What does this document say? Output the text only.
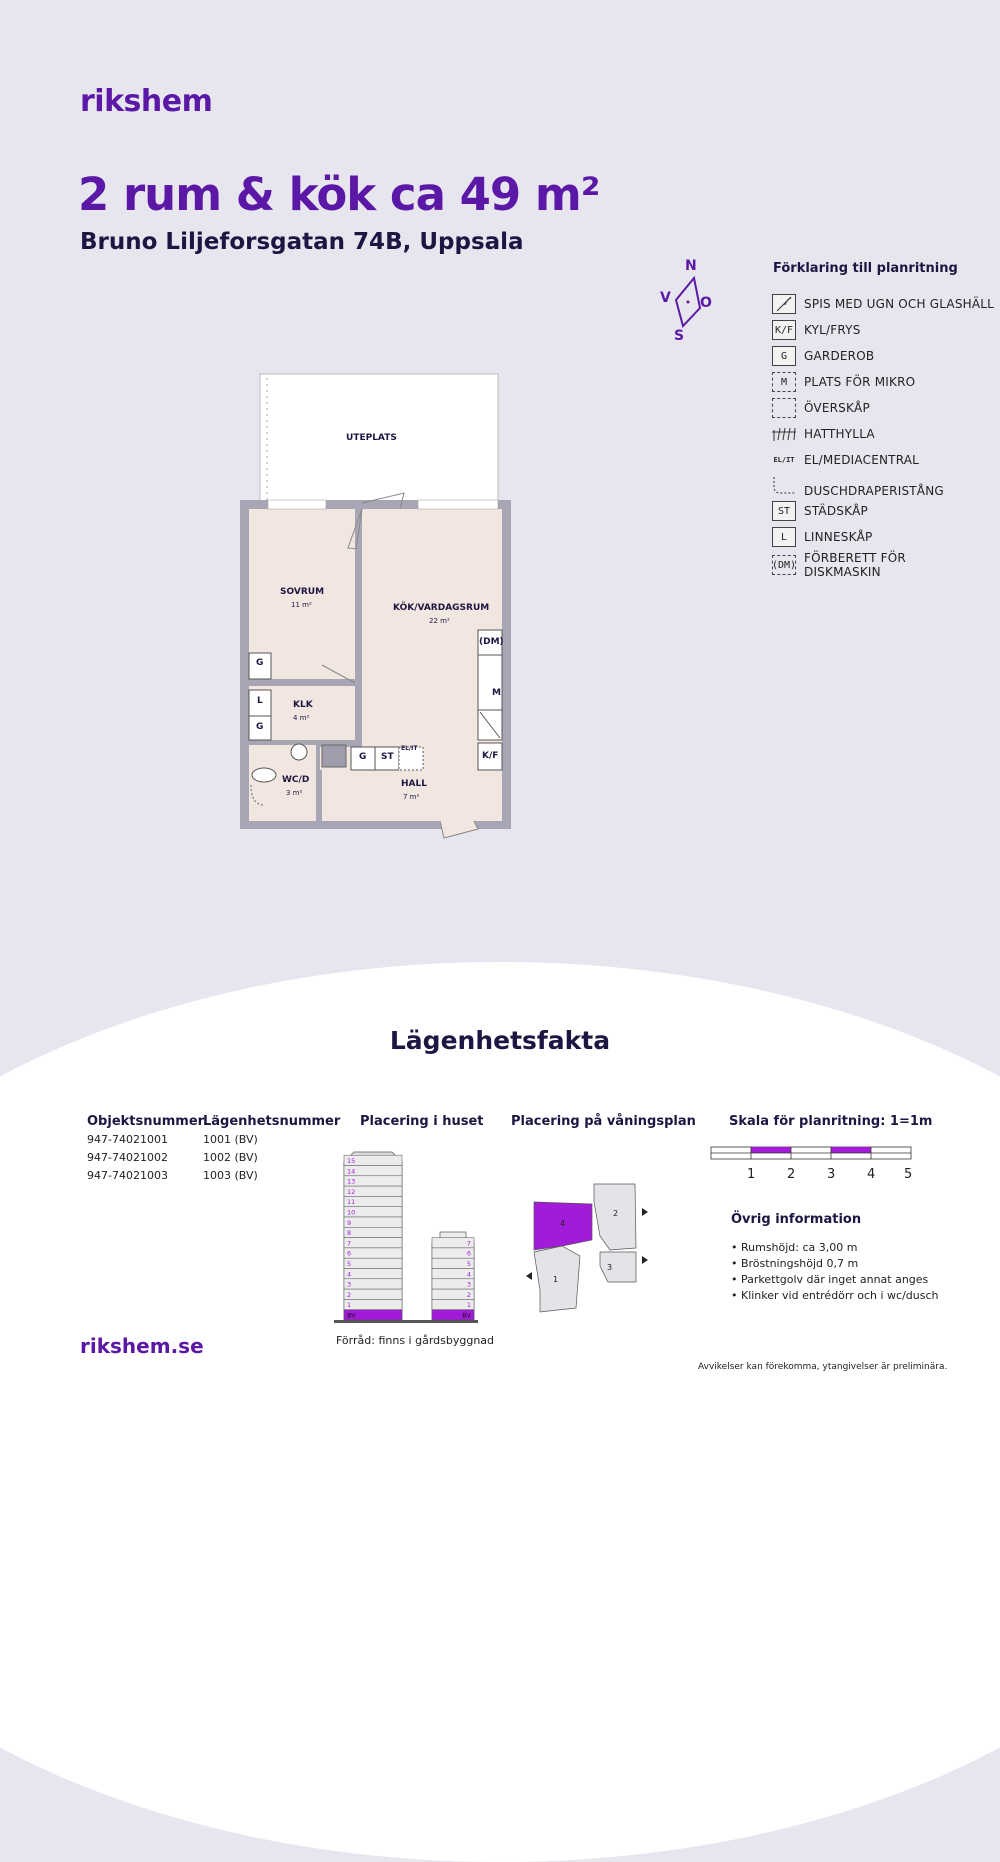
rikshem
2 rum & kök ca 49 m²
Bruno Liljeforsgatan 74B, Uppsala
N
V O
S
Förklaring till planritning
SPIS MED UGN OCH GLASHÄLL
K/F KYL/FRYS
G	GARDEROB
M	PLATS FÖR MIKRO
ÖVERSKÅP
HATTHYLLA
EL/IT EL/MEDIACENTRAL
DUSCHDRAPERISTÅNG
ST	STÄDSKÅP
L	LINNESKÅP
(DM) FÖRBERETT FÖR
DISKMASKIN
UTEPLATS
SOVRUM
11 m²	KÖK/VARDAGSRUM
22 m²
KLK
4 m²
WC/D
3 m²
HALL
7 m²
G
L
G
G ST
EL/IT
(DM)
M
K/F
Lägenhetsfakta
Objektsnummer
Lägenhetsnummer
947-74021001	1001 (BV)
947-74021002	1002 (BV)
947-74021003	1003 (BV)
Placering i huset
15
14
13
12
11
10
9
8
7
6
5
4
3
2
1
BV
7
6
5
4
3
2
1
BV
Förråd: finns i gårdsbyggnad
Placering på våningsplan
4
2
3
1
Skala för planritning: 1=1m
1 2 3 4 5
Övrig information
• Rumshöjd: ca 3,00 m
• Bröstningshöjd 0,7 m
• Parkettgolv där inget annat anges
• Klinker vid entrédörr och i wc/dusch
rikshem.se
Avvikelser kan förekomma, ytangivelser är preliminära.
